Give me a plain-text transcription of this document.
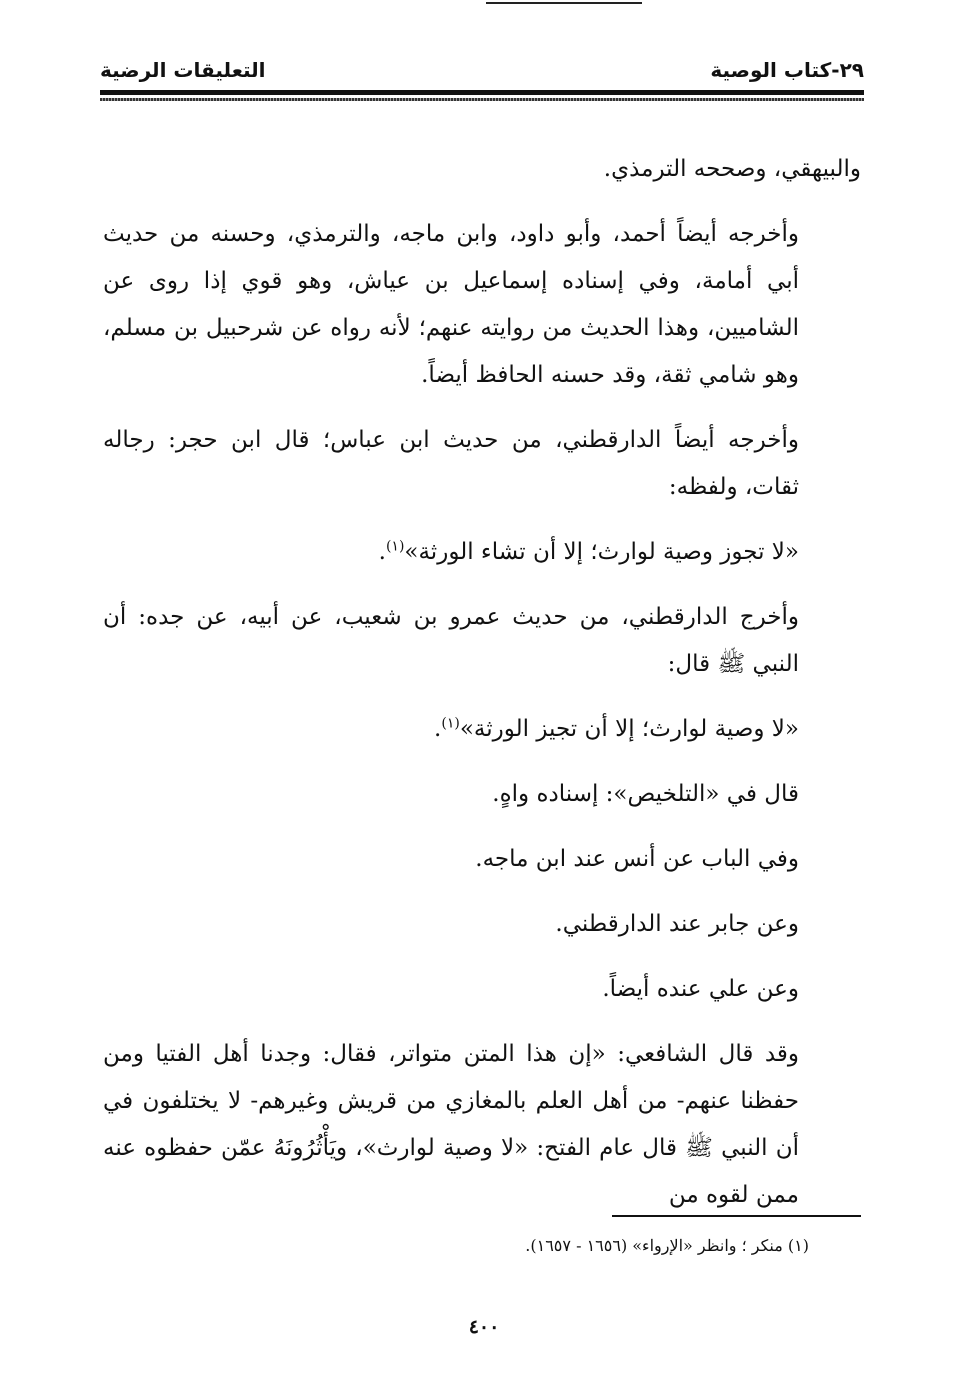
٢٩-كتاب الوصية
التعليقات الرضية

والبيهقي، وصححه الترمذي.

وأخرجه أيضاً أحمد، وأبو داود، وابن ماجه، والترمذي، وحسنه من حديث أبي أمامة، وفي إسناده إسماعيل بن عياش، وهو قوي إذا روى عن الشاميين، وهذا الحديث من روايته عنهم؛ لأنه رواه عن شرحبيل بن مسلم، وهو شامي ثقة، وقد حسنه الحافظ أيضاً.

وأخرجه أيضاً الدارقطني، من حديث ابن عباس؛ قال ابن حجر: رجاله ثقات، ولفظه:

«لا تجوز وصية لوارث؛ إلا أن تشاء الورثة»$^{(١)}$.

وأخرج الدارقطني، من حديث عمرو بن شعيب، عن أبيه، عن جده: أن النبي ﷺ قال:

«لا وصية لوارث؛ إلا أن تجيز الورثة»$^{(١)}$.

قال في «التلخيص»: إسناده واهٍ.

وفي الباب عن أنس عند ابن ماجه.

وعن جابر عند الدارقطني.

وعن علي عنده أيضاً.

وقد قال الشافعي: «إن هذا المتن متواتر، فقال: وجدنا أهل الفتيا ومن حفظنا عنهم- من أهل العلم بالمغازي من قريش وغيرهم- لا يختلفون في أن النبي ﷺ قال عام الفتح: «لا وصية لوارث»، ويَأْثُرُونَهُ عمّن حفظوه عنه ممن لقوه من

(١) منكر ؛ وانظر «الإرواء» (١٦٥٦ - ١٦٥٧).
٤٠٠
